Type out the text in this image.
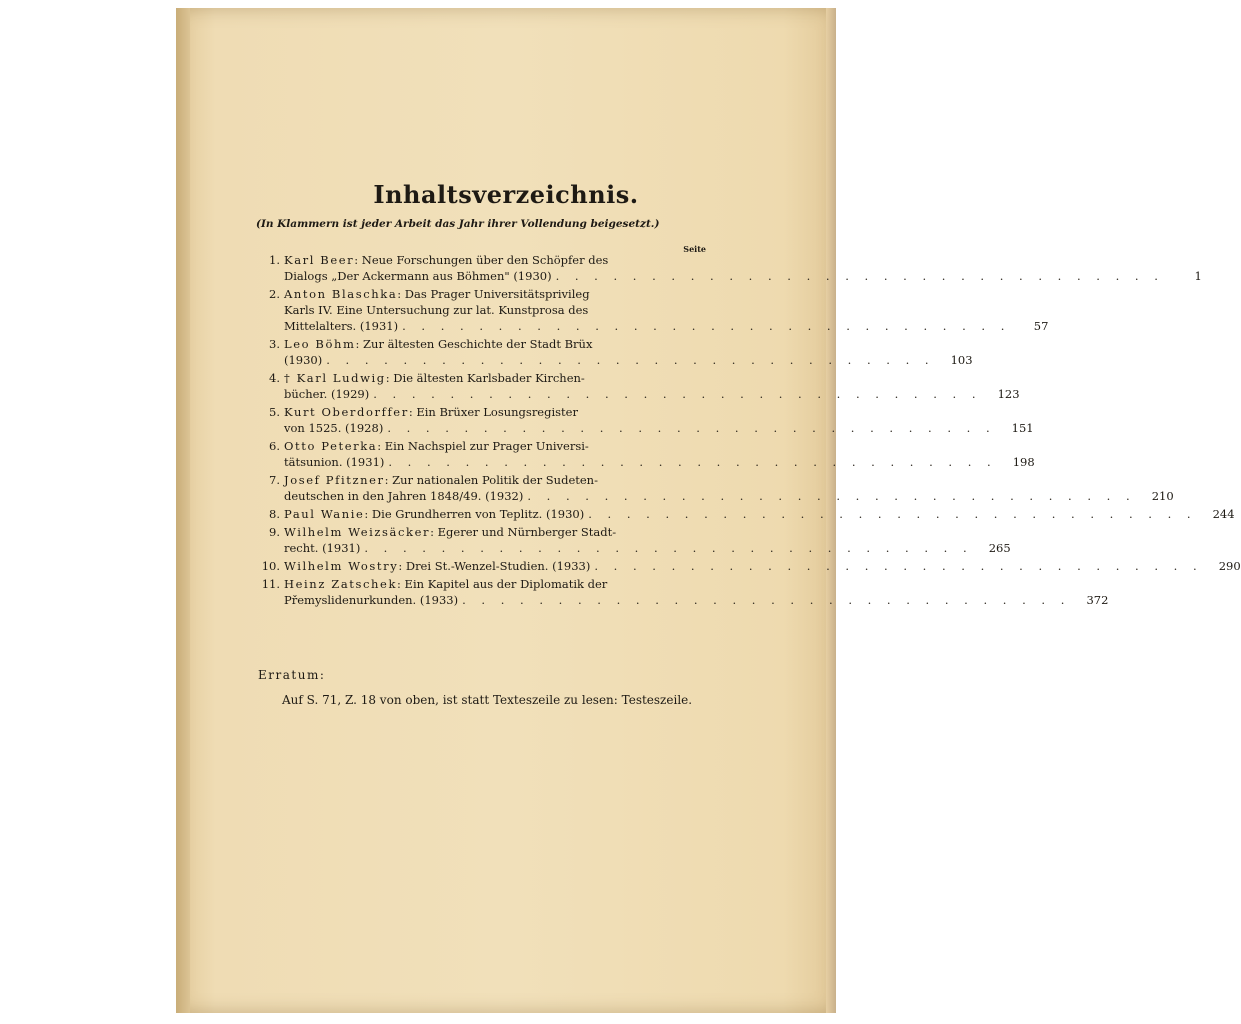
Inhaltsverzeichnis.
(In Klammern ist jeder Arbeit das Jahr ihrer Vollendung beigesetzt.)
Seite
1. Karl Beer : Neue Forschungen über den Schöpfer des
Dialogs „Der Ackermann aus Böhmen" (1930) . . . . . . . . . . . . . . . . . . . . . . . . . . . . . . . .	1
2. Anton Blaschka : Das Prager Universitätsprivileg
Karls IV. Eine Untersuchung zur lat. Kunstprosa des
Mittelalters. (1931) . . . . . . . . . . . . . . . . . . . . . . . . . . . . . . . .	57
3. Leo Böhm : Zur ältesten Geschichte der Stadt Brüx
(1930) . . . . . . . . . . . . . . . . . . . . . . . . . . . . . . . .	103
4. † Karl Ludwig : Die ältesten Karlsbader Kirchen-
bücher. (1929) . . . . . . . . . . . . . . . . . . . . . . . . . . . . . . . .	123
5. Kurt Oberdorffer : Ein Brüxer Losungsregister
von 1525. (1928) . . . . . . . . . . . . . . . . . . . . . . . . . . . . . . . .	151
6. Otto Peterka : Ein Nachspiel zur Prager Universi-
tätsunion. (1931) . . . . . . . . . . . . . . . . . . . . . . . . . . . . . . . .	198
7. Josef Pfitzner : Zur nationalen Politik der Sudeten-
deutschen in den Jahren 1848/49. (1932) . . . . . . . . . . . . . . . . . . . . . . . . . . . . . . . .	210
8. Paul Wanie : Die Grundherren von Teplitz. (1930) . . . . . . . . . . . . . . . . . . . . . . . . . . . . . . . .	244
9. Wilhelm Weizsäcker : Egerer und Nürnberger Stadt-
recht. (1931) . . . . . . . . . . . . . . . . . . . . . . . . . . . . . . . .	265
10. Wilhelm Wostry : Drei St.-Wenzel-Studien. (1933) . . . . . . . . . . . . . . . . . . . . . . . . . . . . . . . .	290
11. Heinz Zatschek : Ein Kapitel aus der Diplomatik der
Přemyslidenurkunden. (1933) . . . . . . . . . . . . . . . . . . . . . . . . . . . . . . . .	372
Erratum:
Auf S. 71, Z. 18 von oben, ist statt Texteszeile zu lesen: Testeszeile.
